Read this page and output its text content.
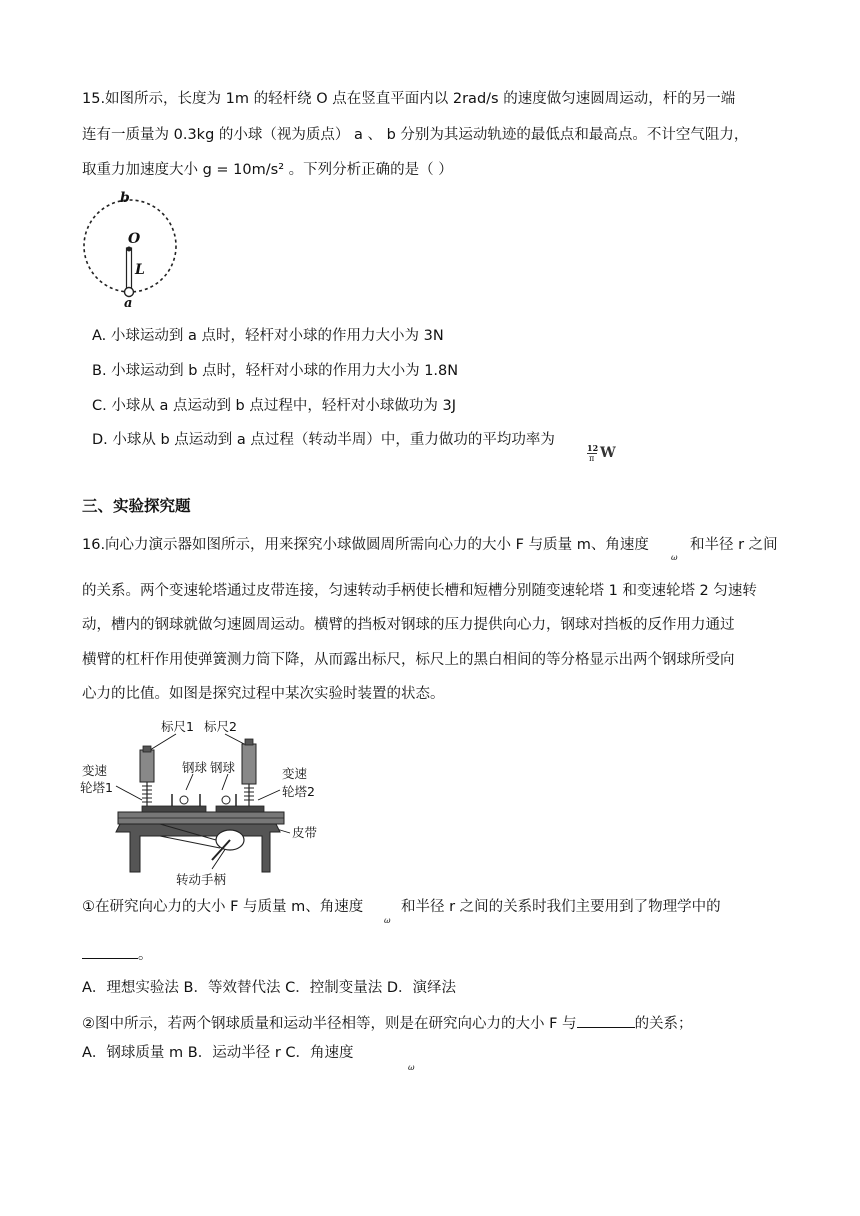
15.如图所示，长度为 1m 的轻杆绕 O 点在竖直平面内以 2rad/s 的速度做匀速圆周运动，杆的另一端
连有一质量为 0.3kg 的小球（视为质点） a 、 b 分别为其运动轨迹的最低点和最高点。不计空气阻力，
取重力加速度大小 g = 10m/s² 。下列分析正确的是（ ）
b
O
L
a
A. 小球运动到 a 点时，轻杆对小球的作用力大小为 3N
B. 小球运动到 b 点时，轻杆对小球的作用力大小为 1.8N
C. 小球从 a 点运动到 b 点过程中，轻杆对小球做功为 3J
D. 小球从 b 点运动到 a 点过程（转动半周）中，重力做功的平均功率为	12
π W
三、实验探究题
16.向心力演示器如图所示，用来探究小球做圆周所需向心力的大小 F 与质量 m、角速度
ω
和半径 r 之间
的关系。两个变速轮塔通过皮带连接，匀速转动手柄使长槽和短槽分别随变速轮塔 1 和变速轮塔 2 匀速转
动，槽内的钢球就做匀速圆周运动。横臂的挡板对钢球的压力提供向心力，钢球对挡板的反作用力通过
横臂的杠杆作用使弹簧测力筒下降，从而露出标尺，标尺上的黑白相间的等分格显示出两个钢球所受向
心力的比值。如图是探究过程中某次实验时装置的状态。
标尺1 标尺2
钢球 钢球
变速
轮塔1
变速
轮塔2
皮带
转动手柄
①在研究向心力的大小 F 与质量 m、角速度
ω
和半径 r 之间的关系时我们主要用到了物理学中的
。
A．理想实验法 B．等效替代法 C．控制变量法 D．演绎法
②图中所示，若两个钢球质量和运动半径相等，则是在研究向心力的大小 F 与	的关系；
A．钢球质量 m B．运动半径 r C．角速度
ω
